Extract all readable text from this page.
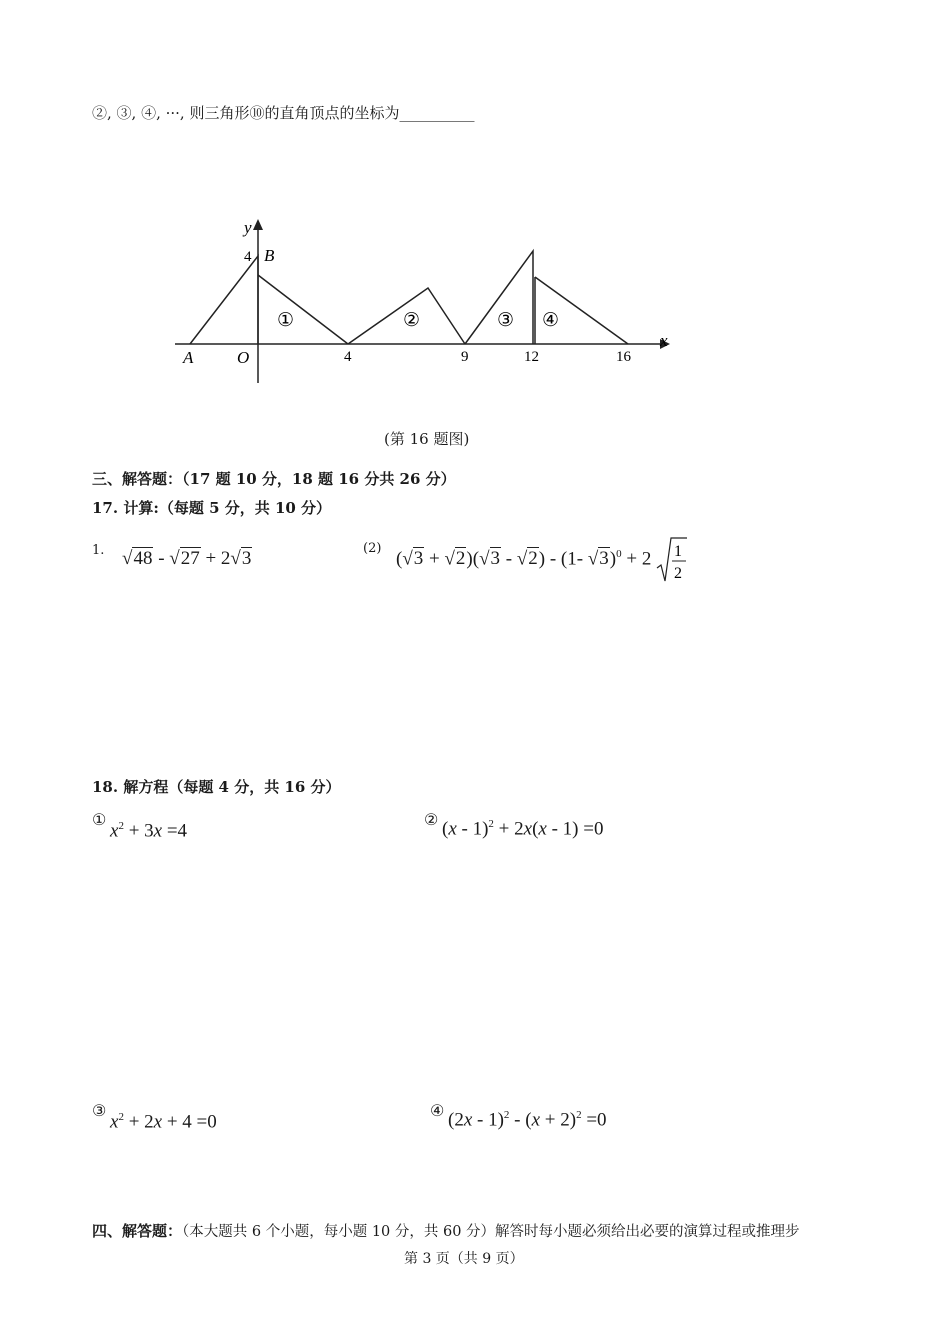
②, ③, ④, ···, 则三角形⑩的直角顶点的坐标为__________
y
4 B
A	O	4	9	12	16
x
①	②	③ ④
(第 16 题图)
三、解答题：（17 题 10 分，18 题 16 分共 26 分）
17. 计算:（每题 5 分，共 10 分）
1. √48 - √27 + 2√3	(2) (√3 + √2)(√3 - √2) - (1- √3)$^0$ + 2 1
2
18. 解方程（每题 4 分，共 16 分）
①
$x^2 + 3x =4$
② (x - 1)$^2$ + 2x(x - 1) =0
③
$x^2 + 2x + 4 =0$
④ $(2x - 1)^2 - (x + 2)^2 =0$
四、解答题：（本大题共 6 个小题，每小题 10 分，共 60 分）解答时每小题必须给出必要的演算过程或推理步
第 3 页（共 9 页）
